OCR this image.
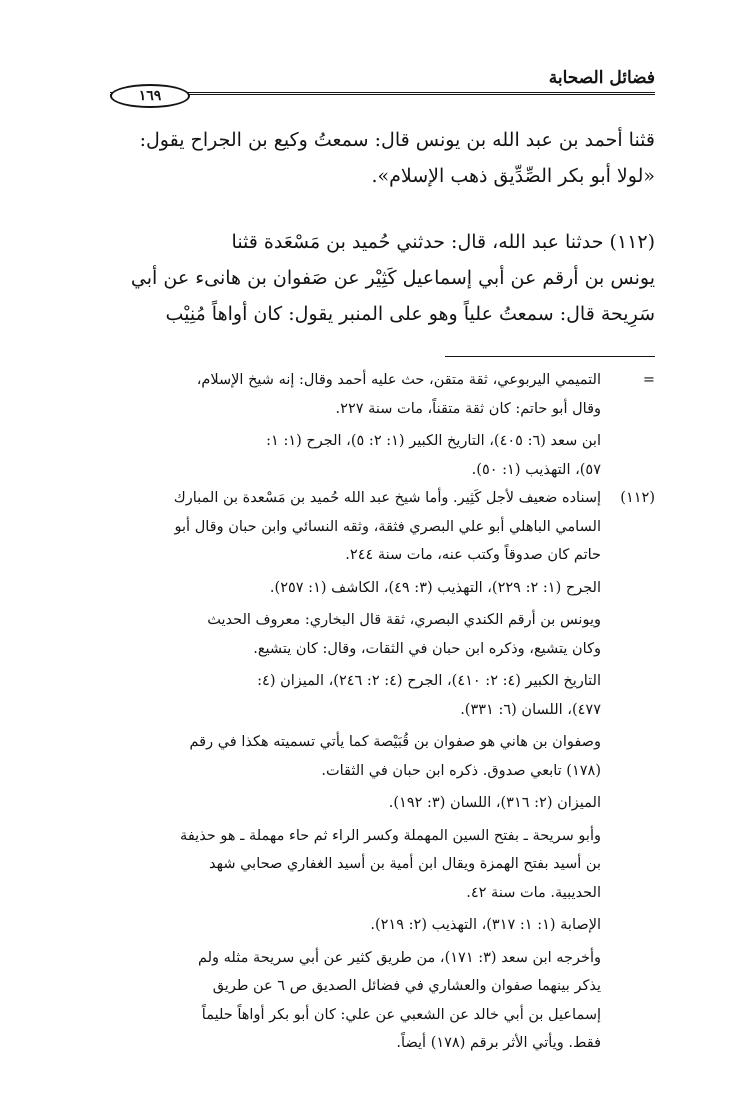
فضائل الصحابة
١٦٩
قثنا أحمد بن عبد الله بن يونس قال: سمعتُ وكيع بن الجراح يقول:
«لولا أبو بكر الصِّدِّيق ذهب الإسلام».
(١١٢) حدثنا عبد الله، قال: حدثني حُميد بن مَسْعَدة قثنا
يونس بن أرقم عن أبي إسماعيل كَثِيْر عن صَفوان بن هانىء عن أبي
سَرِيحة قال: سمعتُ علياً وهو على المنبر يقول: كان أواهاً مُنِيْب
=
التميمي اليربوعي، ثقة متقن، حث عليه أحمد وقال: إنه شيخ الإسلام،
وقال أبو حاتم: كان ثقة متقناً، مات سنة ٢٢٧.
ابن سعد (٦: ٤٠٥)، التاريخ الكبير (١: ٢: ٥)، الجرح (١: ١:
٥٧)، التهذيب (١: ٥٠).
(١١٢)
إسناده ضعيف لأجل كَثِير. وأما شيخ عبد الله حُميد بن مَسْعدة بن المبارك
السامي الباهلي أبو علي البصري فثقة، وثقه النسائي وابن حبان وقال أبو
حاتم كان صدوقاً وكتب عنه، مات سنة ٢٤٤.
الجرح (١: ٢: ٢٢٩)، التهذيب (٣: ٤٩)، الكاشف (١: ٢٥٧).
ويونس بن أرقم الكندي البصري، ثقة قال البخاري: معروف الحديث
وكان يتشيع، وذكره ابن حبان في الثقات، وقال: كان يتشيع.
التاريخ الكبير (٤: ٢: ٤١٠)، الجرح (٤: ٢: ٢٤٦)، الميزان (٤:
٤٧٧)، اللسان (٦: ٣٣١).
وصفوان بن هاني هو صفوان بن قُبَيْصة كما يأتي تسميته هكذا في رقم
(١٧٨) تابعي صدوق. ذكره ابن حبان في الثقات.
الميزان (٢: ٣١٦)، اللسان (٣: ١٩٢).
وأبو سريحة ـ بفتح السين المهملة وكسر الراء ثم حاء مهملة ـ هو حذيفة
بن أسيد بفتح الهمزة ويقال ابن أمية بن أسيد الغفاري صحابي شهد
الحديبية. مات سنة ٤٢.
الإصابة (١: ١: ٣١٧)، التهذيب (٢: ٢١٩).
وأخرجه ابن سعد (٣: ١٧١)، من طريق كثير عن أبي سريحة مثله ولم
يذكر بينهما صفوان والعشاري في فضائل الصديق ص ٦ عن طريق
إسماعيل بن أبي خالد عن الشعبي عن علي: كان أبو بكر أواهاً حليماً
فقط. ويأتي الأثر برقم (١٧٨) أيضاً.
